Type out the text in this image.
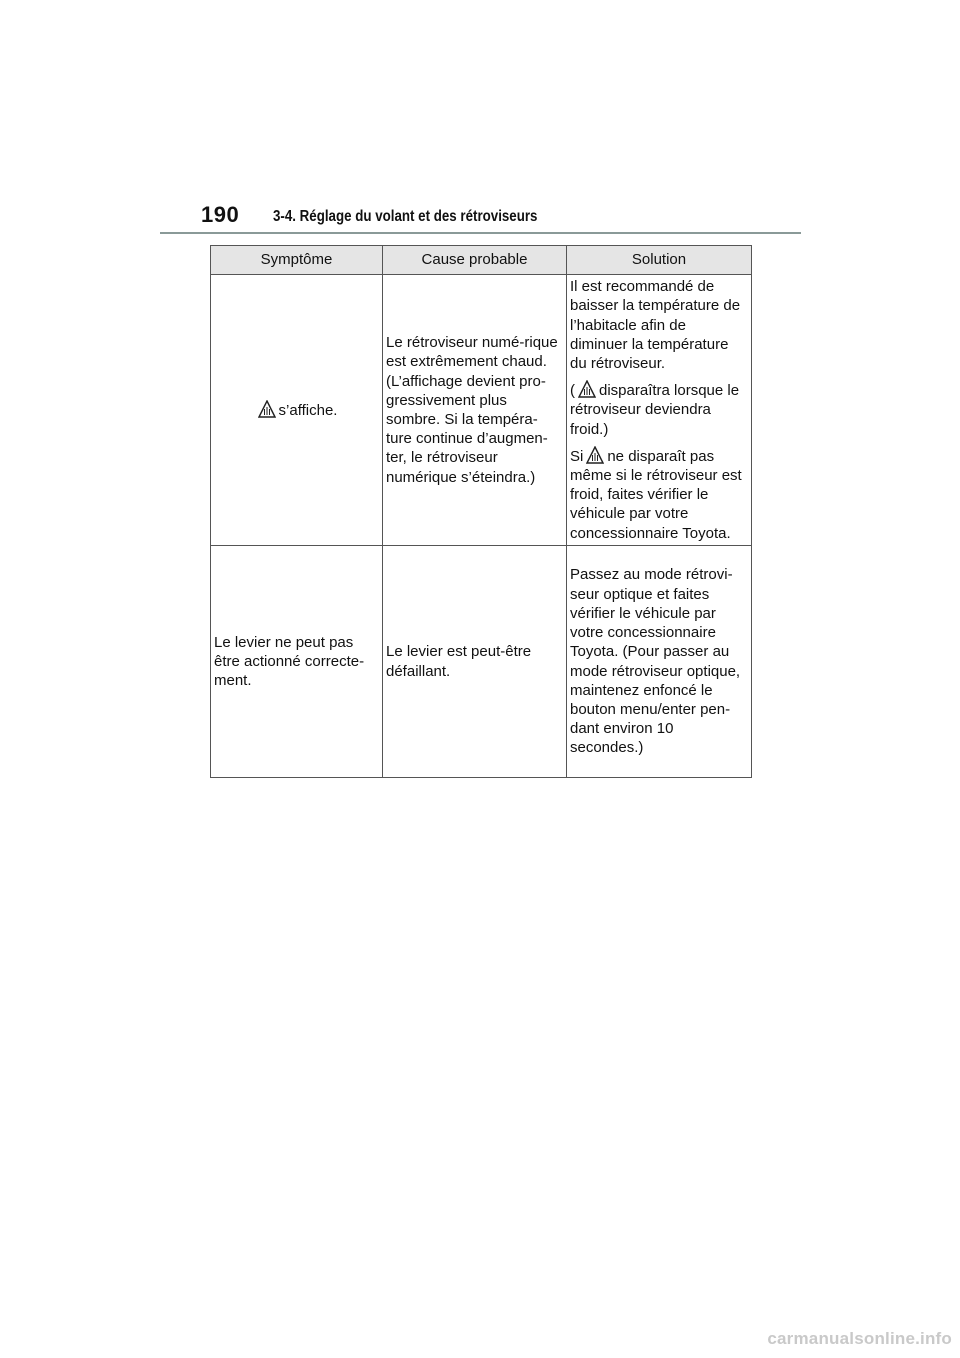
190 3-4. Réglage du volant et des rétroviseurs
Symptôme	Cause probable	Solution
s’affiche.	Le rétroviseur numé-rique est extrêmement chaud. (L’affichage devient pro-gressivement plus sombre. Si la tempéra-ture continue d’augmen-ter, le rétroviseur numérique s’éteindra.)	Il est recommandé de baisser la température de l’habitacle afin de diminuer la température du rétroviseur.

( disparaîtra lorsque le rétroviseur deviendra froid.)

Si ne disparaît pas même si le rétroviseur est froid, faites vérifier le véhicule par votre concessionnaire Toyota.

Le levier ne peut pas être actionné correcte-ment.	Le levier est peut-être défaillant.	Passez au mode rétrovi-seur optique et faites vérifier le véhicule par votre concessionnaire Toyota. (Pour passer au mode rétroviseur optique, maintenez enfoncé le bouton menu/enter pen-dant environ 10 secondes.)
carmanualsonline.info
